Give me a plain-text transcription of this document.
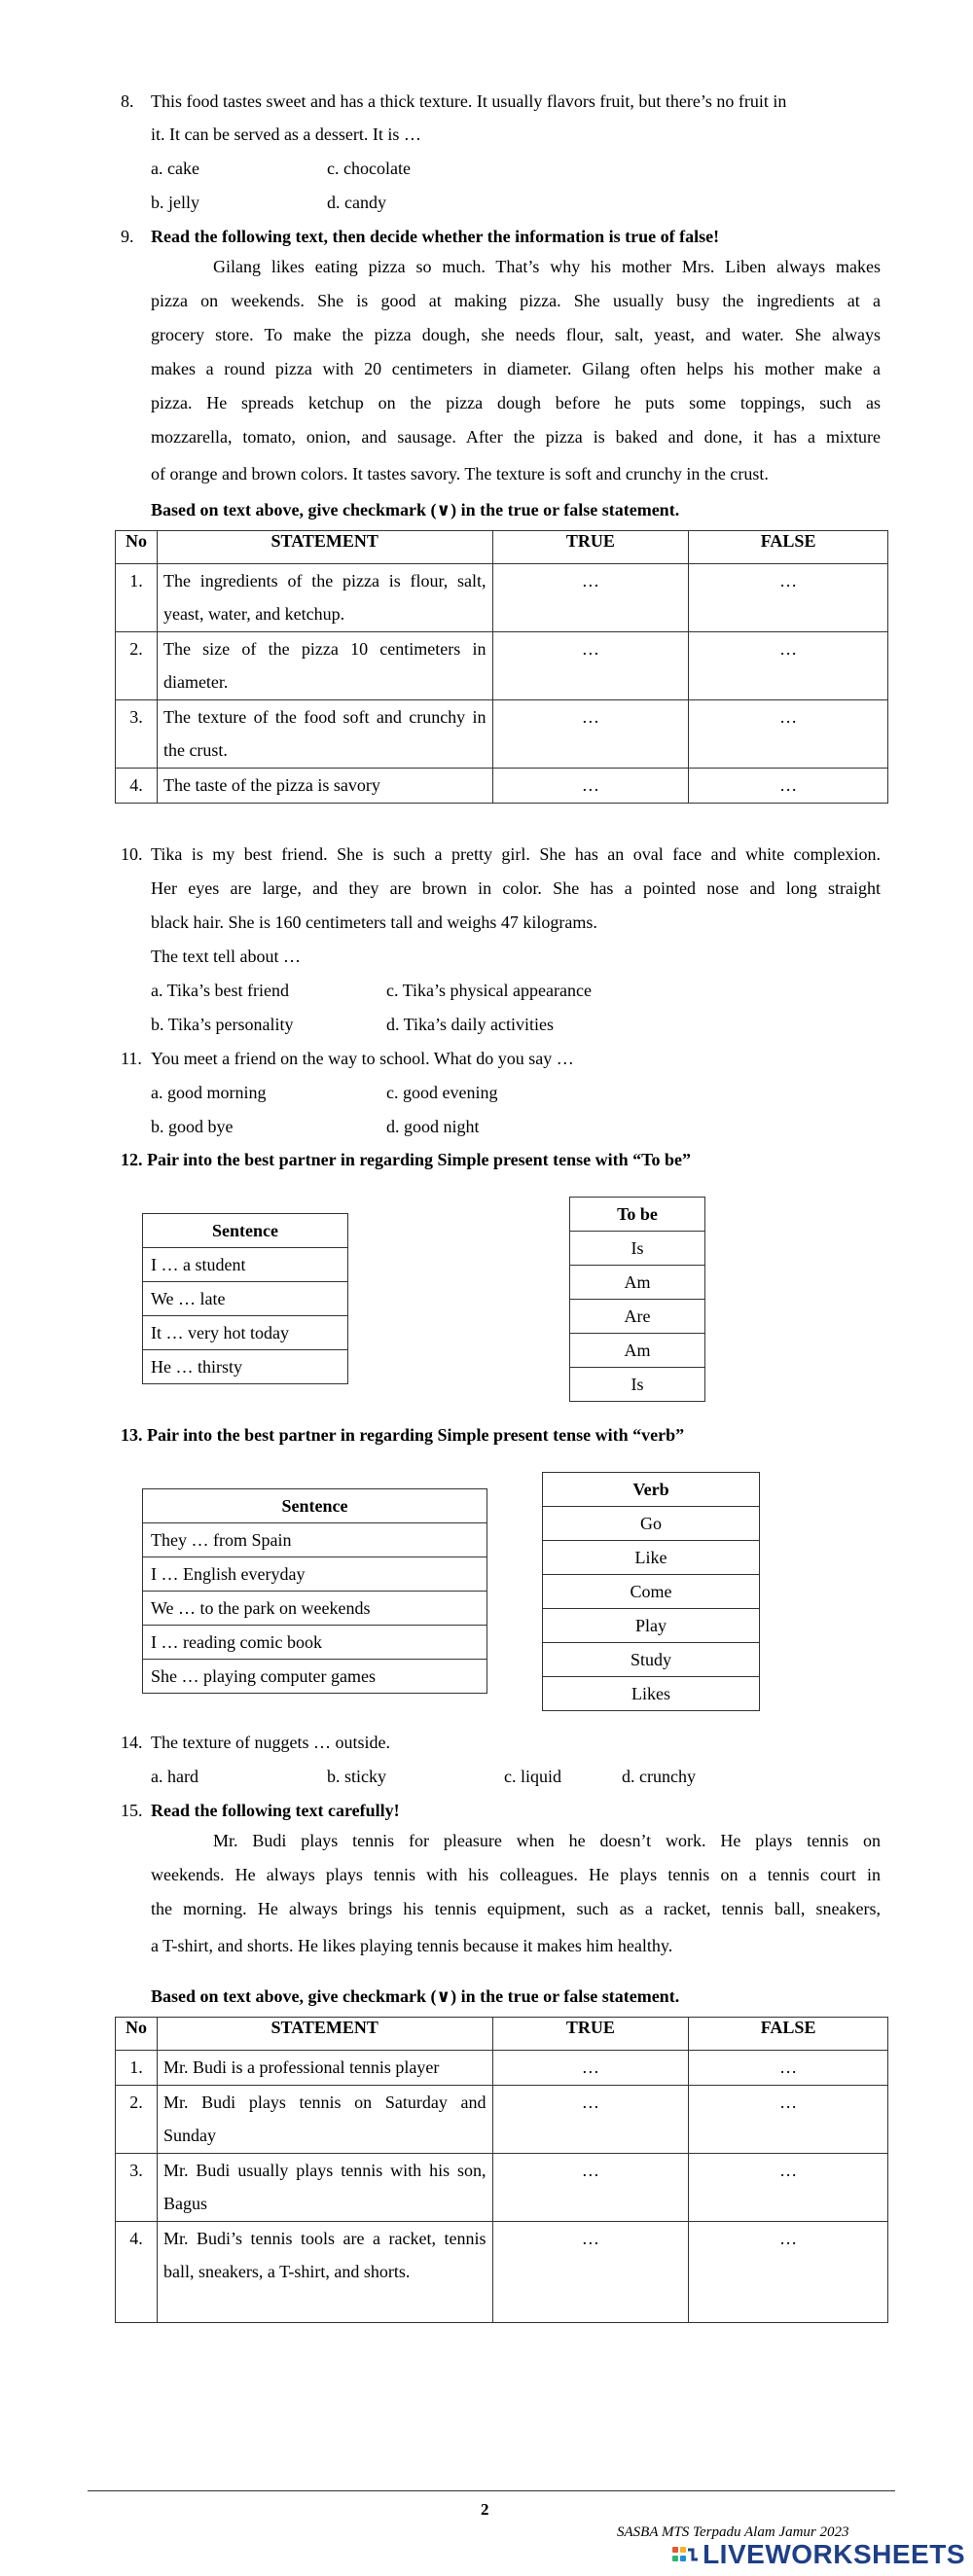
8. This food tastes sweet and has a thick texture. It usually flavors fruit, but there’s no fruit in
it. It can be served as a dessert. It is …
a. cake	c. chocolate
b. jelly	d. candy
9. Read the following text, then decide whether the information is true of false!
Gilang likes eating pizza so much. That’s why his mother Mrs. Liben always makes
pizza on weekends. She is good at making pizza. She usually busy the ingredients at a
grocery store. To make the pizza dough, she needs flour, salt, yeast, and water. She always
makes a round pizza with 20 centimeters in diameter. Gilang often helps his mother make a
pizza. He spreads ketchup on the pizza dough before he puts some toppings, such as
mozzarella, tomato, onion, and sausage. After the pizza is baked and done, it has a mixture
of orange and brown colors. It tastes savory. The texture is soft and crunchy in the crust.
Based on text above, give checkmark (∨) in the true or false statement.
No	STATEMENT	TRUE	FALSE
1.	The ingredients of the pizza is flour, salt, yeast, water, and ketchup.	…	…
2.	The size of the pizza 10 centimeters in diameter.	…	…
3.	The texture of the food soft and crunchy in the crust.	…	…
4.	The taste of the pizza is savory	…	…
10. Tika is my best friend. She is such a pretty girl. She has an oval face and white complexion.
Her eyes are large, and they are brown in color. She has a pointed nose and long straight
black hair. She is 160 centimeters tall and weighs 47 kilograms.
The text tell about …
a. Tika’s best friend	c. Tika’s physical appearance
b. Tika’s personality	d. Tika’s daily activities
11. You meet a friend on the way to school. What do you say …
a. good morning	c. good evening
b. good bye	d. good night
12. Pair into the best partner in regarding Simple present tense with “To be”
Sentence
I … a student
We … late
It … very hot today
He … thirsty
To be
Is
Am
Are
Am
Is
13. Pair into the best partner in regarding Simple present tense with “verb”
Sentence
They … from Spain
I … English everyday
We … to the park on weekends
I … reading comic book
She … playing computer games
Verb
Go
Like
Come
Play
Study
Likes
14. The texture of nuggets … outside.
a. hard	b. sticky	c. liquid	d. crunchy
15. Read the following text carefully!
Mr. Budi plays tennis for pleasure when he doesn’t work. He plays tennis on
weekends. He always plays tennis with his colleagues. He plays tennis on a tennis court in
the morning. He always brings his tennis equipment, such as a racket, tennis ball, sneakers,
a T-shirt, and shorts. He likes playing tennis because it makes him healthy.
Based on text above, give checkmark (∨) in the true or false statement.
No	STATEMENT	TRUE	FALSE
1.	Mr. Budi is a professional tennis player	…	…
2.	Mr. Budi plays tennis on Saturday and Sunday	…	…
3.	Mr. Budi usually plays tennis with his son, Bagus	…	…
4.	Mr. Budi’s tennis tools are a racket, tennis ball, sneakers, a T-shirt, and shorts.	…	…
2
SASBA MTS Terpadu Alam Jamur 2023
LIVEWORKSHEETS
